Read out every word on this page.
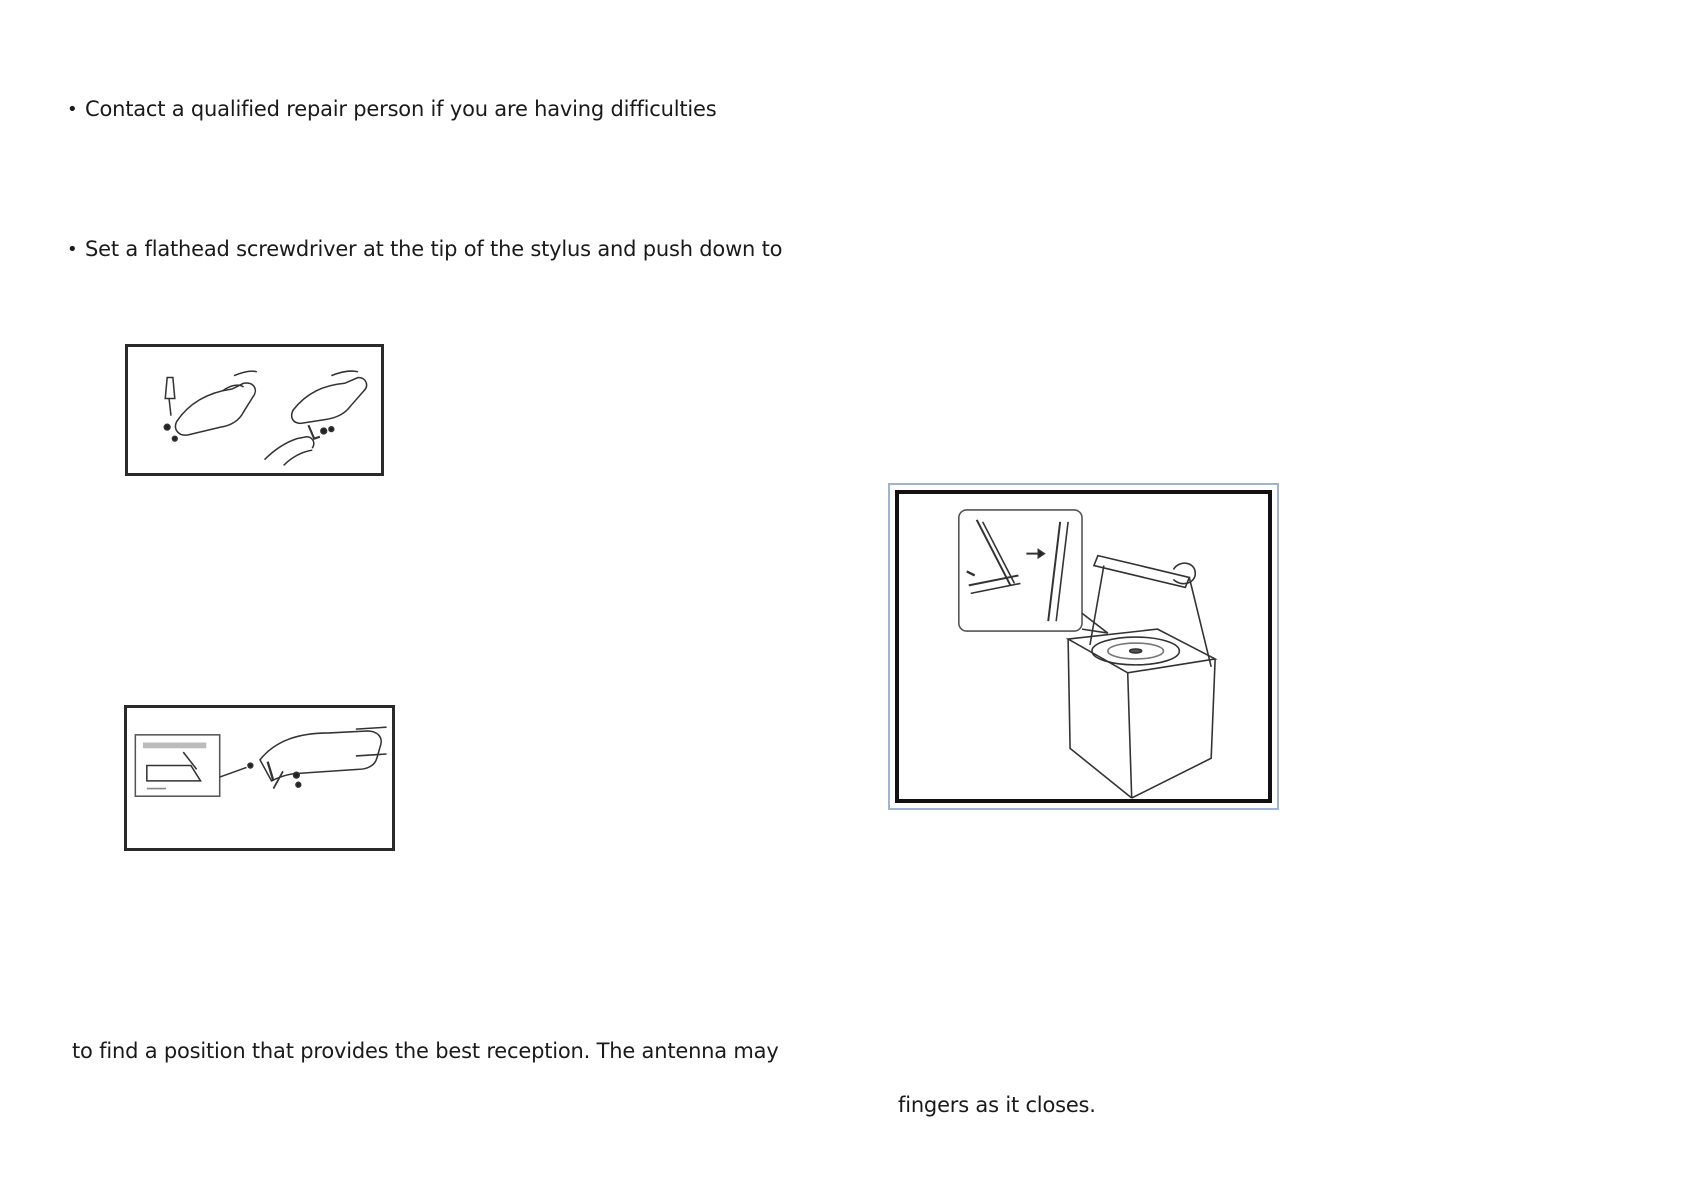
• Contact a qualified repair person if you are having difficulties
• Set a flathead screwdriver at the tip of the stylus and push down to
to find a position that provides the best reception. The antenna may
fingers as it closes.
